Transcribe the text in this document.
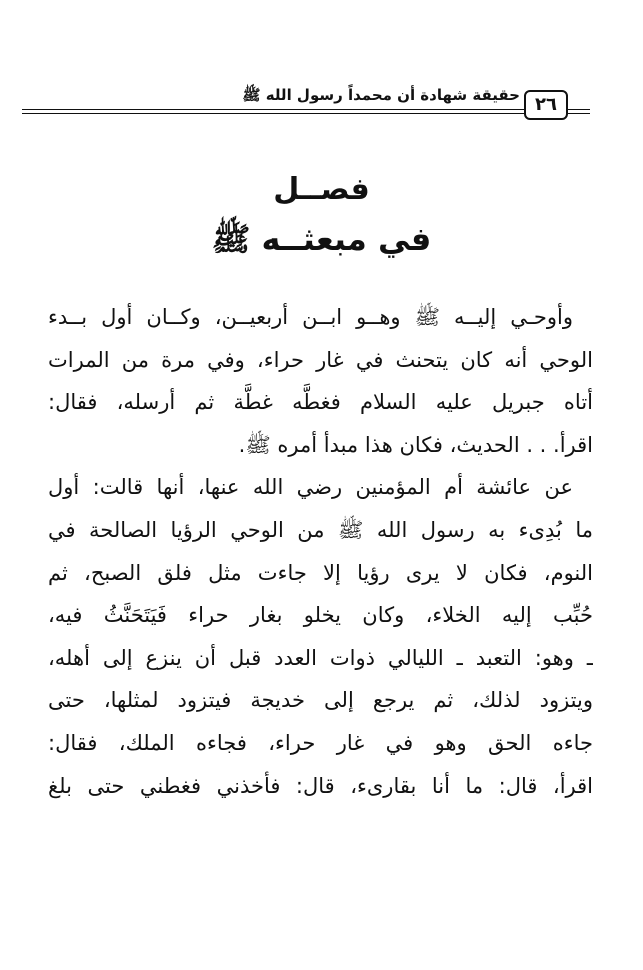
حقيقة شهادة أن محمداً رسول الله ﷺ ٢٦
فصــل
في مبعثــه ﷺ
وأوحـي إليــه ﷺ وهــو ابــن أربعيــن، وكــان أول بــدء
الوحي أنه كان يتحنث في غار حراء، وفي مرة من المرات
أتاه جبريل عليه السلام فغطَّه غطَّة ثم أرسله، فقال:
اقرأ. . . الحديث، فكان هذا مبدأ أمره ﷺ.
عن عائشة أم المؤمنين رضي الله عنها، أنها قالت: أول
ما بُدِىء به رسول الله ﷺ من الوحي الرؤيا الصالحة في
النوم، فكان لا يرى رؤيا إلا جاءت مثل فلق الصبح، ثم
حُبِّب إليه الخلاء، وكان يخلو بغار حراء فَيَتَحَنَّثُ فيه،
ـ وهو: التعبد ـ الليالي ذوات العدد قبل أن ينزع إلى أهله،
ويتزود لذلك، ثم يرجع إلى خديجة فيتزود لمثلها، حتى
جاءه الحق وهو في غار حراء، فجاءه الملك، فقال:
اقرأ، قال: ما أنا بقارىء، قال: فأخذني فغطني حتى بلغ
